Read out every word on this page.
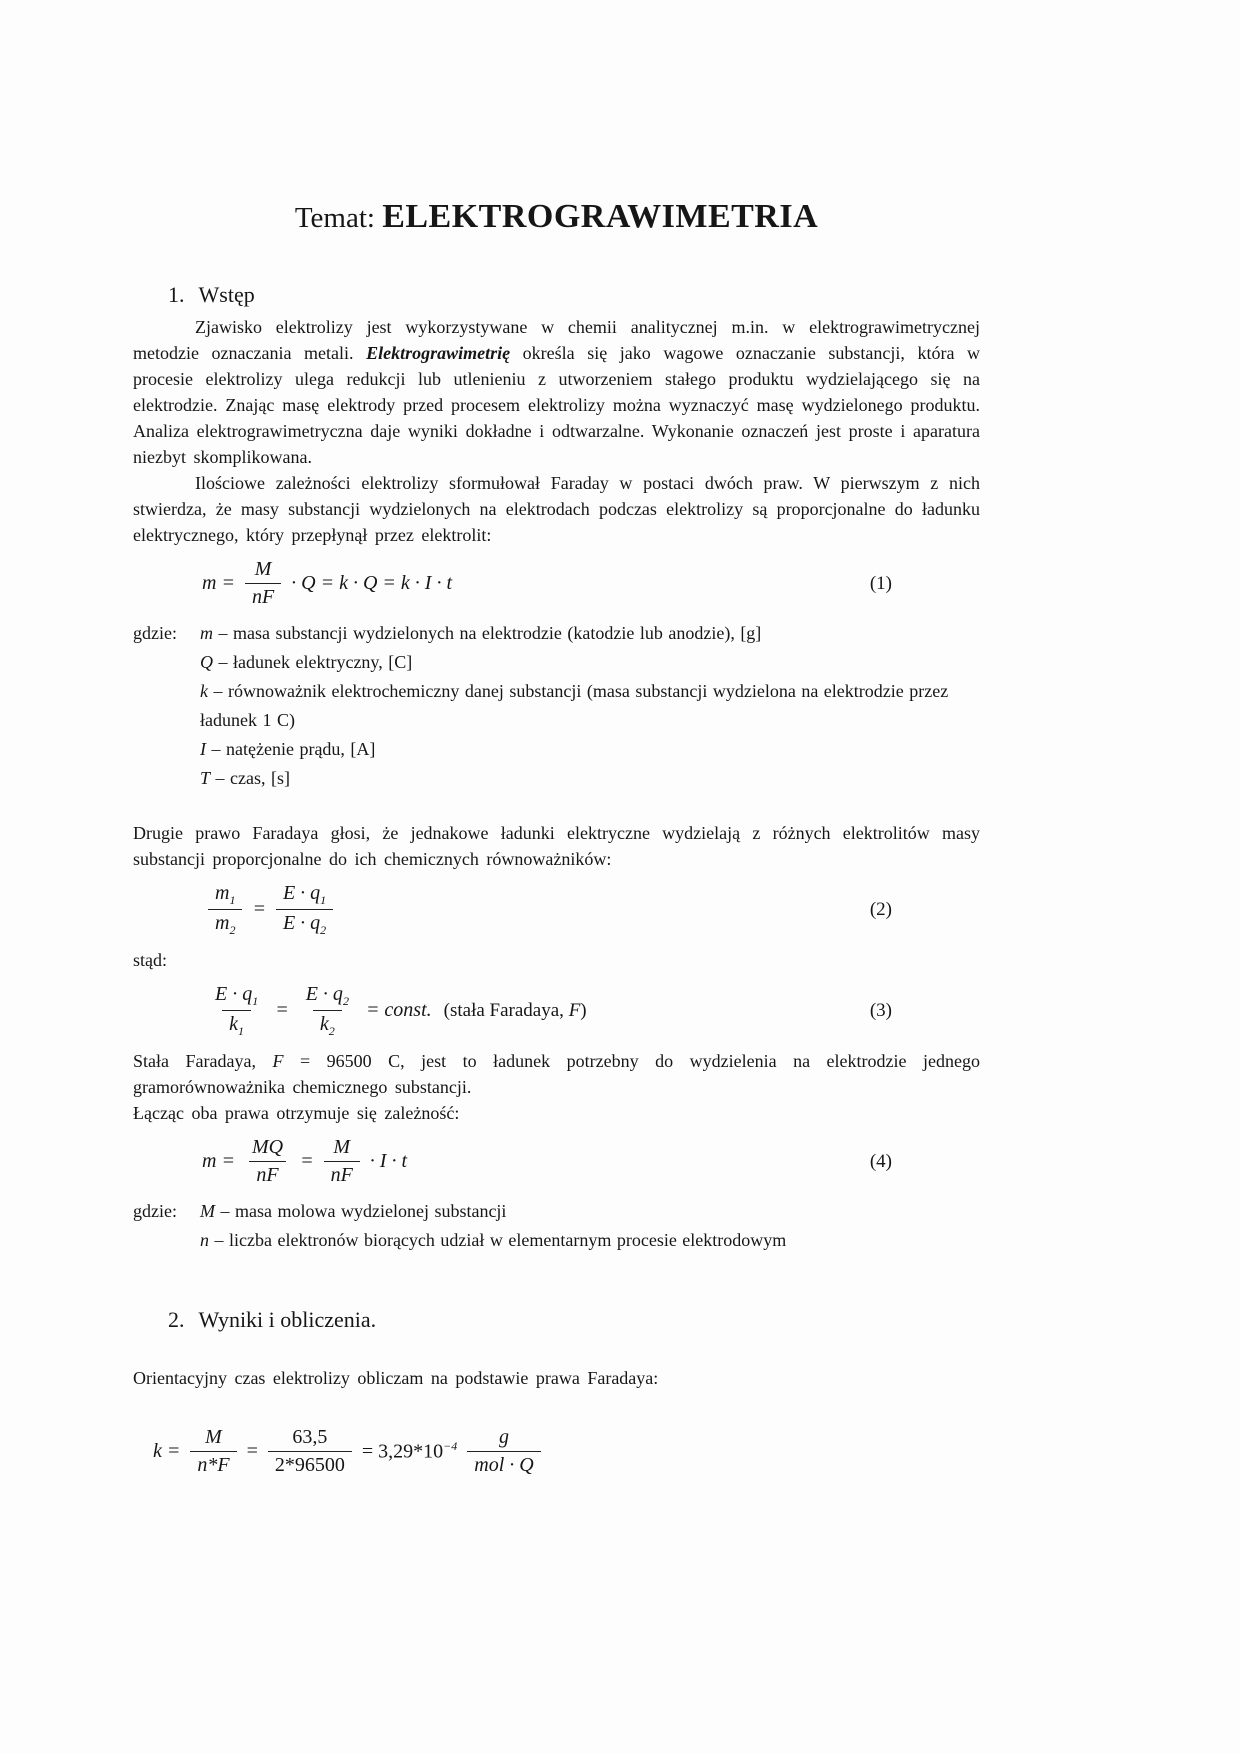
Temat: ELEKTROGRAWIMETRIA
1. Wstęp

Zjawisko elektrolizy jest wykorzystywane w chemii analitycznej m.in. w elektrograwimetrycznej metodzie oznaczania metali. Elektrograwimetrię określa się jako wagowe oznaczanie substancji, która w procesie elektrolizy ulega redukcji lub utlenieniu z utworzeniem stałego produktu wydzielającego się na elektrodzie. Znając masę elektrody przed procesem elektrolizy można wyznaczyć masę wydzielonego produktu. Analiza elektrograwimetryczna daje wyniki dokładne i odtwarzalne. Wykonanie oznaczeń jest proste i aparatura niezbyt skomplikowana.

Ilościowe zależności elektrolizy sformułował Faraday w postaci dwóch praw. W pierwszym z nich stwierdza, że masy substancji wydzielonych na elektrodach podczas elektrolizy są proporcjonalne do ładunku elektrycznego, który przepłynął przez elektrolit:

$m = \frac{M}{nF} \cdot Q = k \cdot Q = k \cdot I \cdot t$	(1)
gdzie: m – masa substancji wydzielonych na elektrodzie (katodzie lub anodzie), [g]
Q – ładunek elektryczny, [C]
k – równoważnik elektrochemiczny danej substancji (masa substancji wydzielona na elektrodzie przez ładunek 1 C)
I – natężenie prądu, [A]
T – czas, [s]

Drugie prawo Faradaya głosi, że jednakowe ładunki elektryczne wydzielają z różnych elektrolitów masy substancji proporcjonalne do ich chemicznych równoważników:

$\frac{m_1}{m_2} = \frac{E \cdot q_1}{E \cdot q_2}$	(2)

stąd:

$\frac{E \cdot q_1}{k_1} = \frac{E \cdot q_2}{k_2}$ = const. (stała Faradaya, F)	(3)

Stała Faradaya, F = 96500 C, jest to ładunek potrzebny do wydzielenia na elektrodzie jednego gramorównoważnika chemicznego substancji.

Łącząc oba prawa otrzymuje się zależność:

$m = \frac{MQ}{nF} = \frac{M}{nF} \cdot I \cdot t$	(4)
gdzie: M – masa molowa wydzielonej substancji
n – liczba elektronów biorących udział w elementarnym procesie elektrodowym
2. Wyniki i obliczenia.

Orientacyjny czas elektrolizy obliczam na podstawie prawa Faradaya:

$k = \frac{M}{n*F} = \frac{63,5}{2*96500} = 3,29*10^{-4} \frac{g}{\text{mol · Q}}$
